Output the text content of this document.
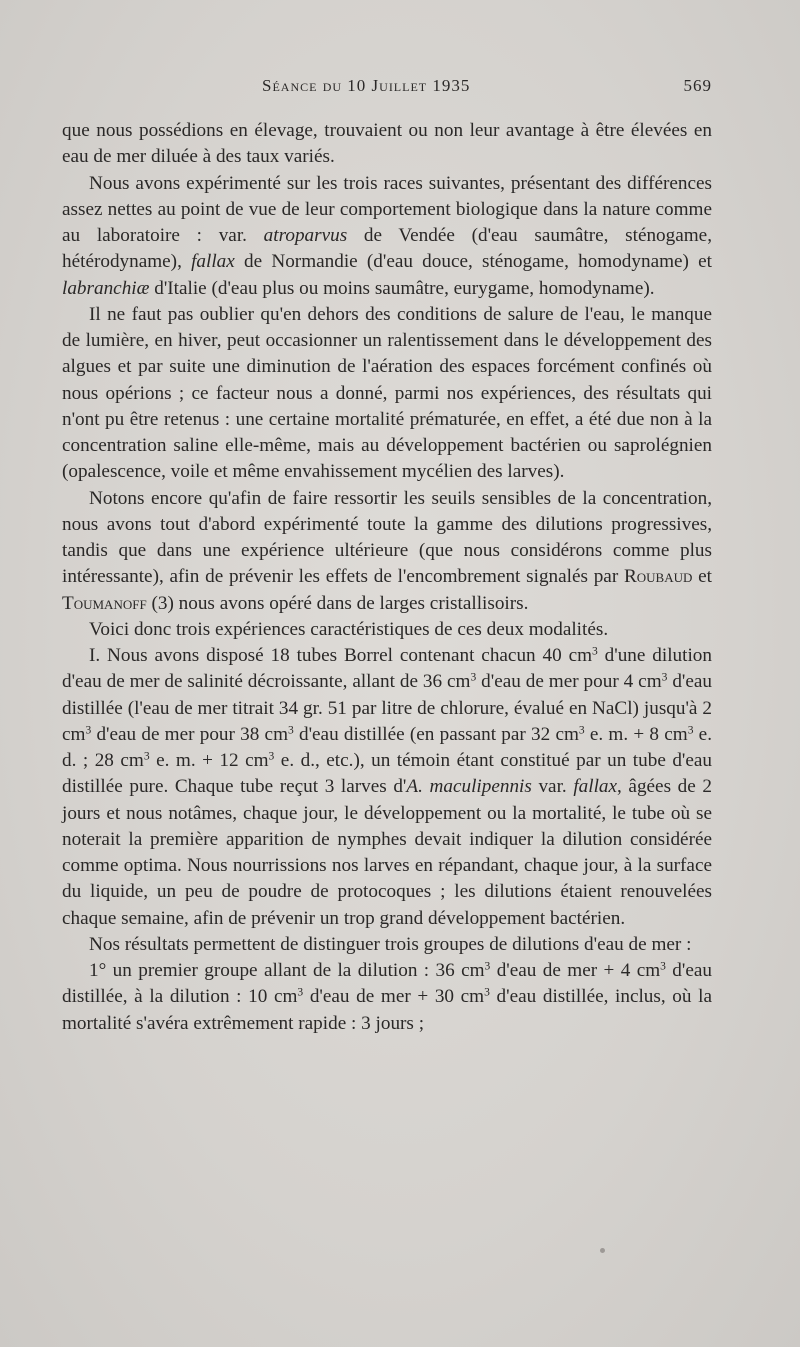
Séance du 10 Juillet 1935	569

que nous possédions en élevage, trouvaient ou non leur avantage à être élevées en eau de mer diluée à des taux variés.

Nous avons expérimenté sur les trois races suivantes, présentant des différences assez nettes au point de vue de leur comportement biologique dans la nature comme au laboratoire : var. atroparvus de Vendée (d'eau saumâtre, sténogame, hétérodyname), fallax de Normandie (d'eau douce, sténogame, homodyname) et labranchiæ d'Italie (d'eau plus ou moins saumâtre, eurygame, homodyname).

Il ne faut pas oublier qu'en dehors des conditions de salure de l'eau, le manque de lumière, en hiver, peut occasionner un ralentissement dans le développement des algues et par suite une diminution de l'aération des espaces forcément confinés où nous opérions ; ce facteur nous a donné, parmi nos expériences, des résultats qui n'ont pu être retenus : une certaine mortalité prématurée, en effet, a été due non à la concentration saline elle-même, mais au développement bactérien ou saprolégnien (opalescence, voile et même envahissement mycélien des larves).

Notons encore qu'afin de faire ressortir les seuils sensibles de la concentration, nous avons tout d'abord expérimenté toute la gamme des dilutions progressives, tandis que dans une expérience ultérieure (que nous considérons comme plus intéressante), afin de prévenir les effets de l'encombrement signalés par Roubaud et Toumanoff (3) nous avons opéré dans de larges cristallisoirs.

Voici donc trois expériences caractéristiques de ces deux modalités.

I. Nous avons disposé 18 tubes Borrel contenant chacun 40 $cm^3$ d'une dilution d'eau de mer de salinité décroissante, allant de 36 $cm^3$ d'eau de mer pour 4 $cm^3$ d'eau distillée (l'eau de mer titrait 34 gr. 51 par litre de chlorure, évalué en NaCl) jusqu'à 2 $cm^3$ d'eau de mer pour 38 $cm^3$ d'eau distillée (en passant par 32 $cm^3$ e. m. + 8 $cm^3$ e. d. ; 28 $cm^3$ e. m. + 12 $cm^3$ e. d., etc.), un témoin étant constitué par un tube d'eau distillée pure. Chaque tube reçut 3 larves d'A. maculipennis var. fallax, âgées de 2 jours et nous notâmes, chaque jour, le développement ou la mortalité, le tube où se noterait la première apparition de nymphes devait indiquer la dilution considérée comme optima. Nous nourrissions nos larves en répandant, chaque jour, à la surface du liquide, un peu de poudre de protocoques ; les dilutions étaient renouvelées chaque semaine, afin de prévenir un trop grand développement bactérien.

Nos résultats permettent de distinguer trois groupes de dilutions d'eau de mer :

1° un premier groupe allant de la dilution : 36 $cm^3$ d'eau de mer + 4 $cm^3$ d'eau distillée, à la dilution : 10 $cm^3$ d'eau de mer + 30 $cm^3$ d'eau distillée, inclus, où la mortalité s'avéra extrêmement rapide : 3 jours ;
